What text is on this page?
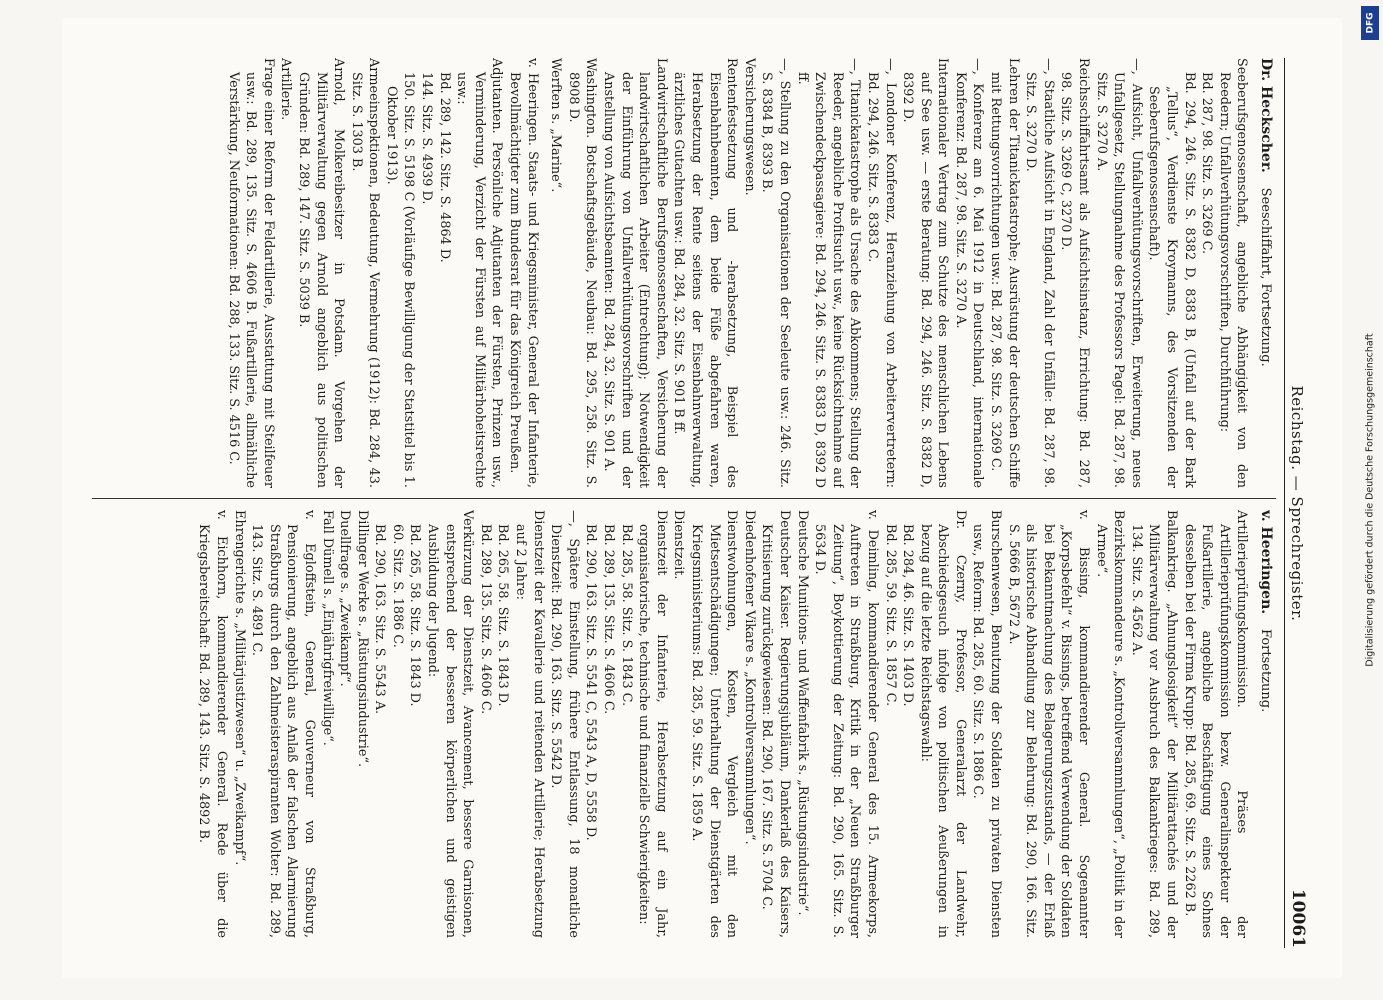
Reichstag. — Sprechregister.
10061
Dr. Heckscher. Seeschiffahrt, Fortsetzung.

Seeberufsgenossenschaft, angebliche Abhängigkeit von den Reedern; Unfallverhütungsvorschriften, Durchführung:

Bd. 287, 98. Sitz. S. 3269 C.

Bd. 294, 246. Sitz. S. 8382 D, 8383 B, (Unfall auf der Bark „Tellus“, Verdienste Kroymanns, des Vorsitzenden der Seeberufsgenossenschaft).

—, Aufsicht, Unfallverhütungsvorschriften, Erweiterung, neues Unfallgesetz, Stellungnahme des Professors Pagel: Bd. 287, 98. Sitz. S. 3270 A.

Reichsschiffahrtsamt als Aufsichtsinstanz, Errichtung: Bd. 287, 98. Sitz. S. 3269 C, 3270 D.

—, Staatliche Aufsicht in England, Zahl der Unfälle: Bd. 287, 98. Sitz. S. 3270 D.

Lehren der Titanickatastrophe; Ausrüstung der deutschen Schiffe mit Rettungsvorrichtungen usw.: Bd. 287, 98. Sitz. S. 3269 C.

—, Konferenz am 6. Mai 1912 in Deutschland, internationale Konferenz: Bd. 287, 98. Sitz. S. 3270 A.

Internationaler Vertrag zum Schutze des menschlichen Lebens auf See usw. — erste Beratung: Bd. 294, 246. Sitz. S. 8382 D, 8392 D.

—, Londoner Konferenz, Heranziehung von Arbeitervertretern: Bd. 294, 246. Sitz. S. 8383 C.

—, Titanickatastrophe als Ursache des Abkommens; Stellung der Reeder, angebliche Profitsucht usw., keine Rücksichtnahme auf Zwischendeckpassagiere: Bd. 294, 246. Sitz. S. 8383 D, 8392 D ff.

—, Stellung zu den Organisationen der Seeleute usw.: 246. Sitz. S. 8384 B, 8393 B.

Versicherungswesen.

Rentenfestsetzung und -herabsetzung, Beispiel des Eisenbahnbeamten, dem beide Füße abgefahren waren, Herabsetzung der Rente seitens der Eisenbahnverwaltung, ärztliches Gutachten usw.: Bd. 284, 32. Sitz. S. 901 B ff.

Landwirtschaftliche Berufsgenossenschaften, Versicherung der landwirtschaftlichen Arbeiter (Entrechtung); Notwendigkeit der Einführung von Unfallverhütungsvorschriften und der Anstellung von Aufsichtsbeamten: Bd. 284, 32. Sitz. S. 901 A.

Washington. Botschaftsgebäude, Neubau: Bd. 295, 258. Sitz. S. 8908 D.

Werften s. „Marine“.

v. Heeringen. Staats- und Kriegsminister, General der Infanterie, Bevollmächtigter zum Bundesrat für das Königreich Preußen.

Adjutanten. Persönliche Adjutanten der Fürsten, Prinzen usw., Verminderung, Verzicht der Fürsten auf Militärhoheitsrechte usw.:

Bd. 289, 142. Sitz. S. 4864 D.

144. Sitz. S. 4939 D.

150. Sitz. S. 5198 C (Vorläufige Bewilligung der Statstitel bis 1. Oktober 1913).

Armeeinspektionen, Bedeutung, Vermehrung (1912): Bd. 284, 43. Sitz. S. 1303 B.

Arnold, Molkereibesitzer in Potsdam. Vorgehen der Militärverwaltung gegen Arnold angeblich aus politischen Gründen: Bd. 289, 147. Sitz. S. 5039 B.

Artillerie.

Frage einer Reform der Feldartillerie, Ausstattung mit Steilfeuer usw.: Bd. 289, 135. Sitz. S. 4606 B. Fußartillerie, allmähliche Verstärkung, Neuformationen: Bd. 288, 133. Sitz. S. 4516 C.

v. Heeringen. Fortsetzung.

Artillerieprüfungskommission. Präses der Artillerieprüfungskommission bezw. Generalinspekteur der Fußartillerie, angebliche Beschäftigung eines Sohnes desselben bei der Firma Krupp: Bd. 285, 69. Sitz. S. 2262 B.

Balkankrieg. „Ahnungslosigkeit“ der Militärattachés und der Militärverwaltung vor Ausbruch des Balkankrieges: Bd. 289, 134. Sitz. S. 4562 A.

Bezirkskommandeure s. „Kontrollversammlungen“, „Politik in der Armee“.

v. Bissing, kommandierender General. Sogenannter „Korpsbefehl“ v. Bissings, betreffend Verwendung der Soldaten bei Bekanntmachung des Belagerungszustands, — der Erlaß als historische Abhandlung zur Belehrung: Bd. 290, 166. Sitz. S. 5666 B, 5672 A.

Burschenwesen, Benutzung der Soldaten zu privaten Diensten usw., Reform: Bd. 285, 60. Sitz. S. 1886 C.

Dr. Czerny, Professor, Generalarzt der Landwehr, Abschiedsgesuch infolge von politischen Aeußerungen in bezug auf die letzte Reichstagswahl:

Bd. 284, 46. Sitz. S. 1403 D.

Bd. 285, 59. Sitz. S. 1857 C.

v. Deimling, kommandierender General des 15. Armeekorps, Auftreten in Straßburg, Kritik in der „Neuen Straßburger Zeitung“, Boykottierung der Zeitung: Bd. 290, 165. Sitz. S. 5634 D.

Deutsche Munitions- und Waffenfabrik s. „Rüstungsindustrie“.

Deutscher Kaiser. Regierungsjubiläum, Dankerlaß des Kaisers, Kritisierung zurückgewiesen: Bd. 290, 167. Sitz. S. 5704 C.

Diedenhofener Vikare s. „Kontrollversammlungen“.

Dienstwohnungen, Kosten, Vergleich mit den Mietsentschädigungen; Unterhaltung der Dienstgärten des Kriegsministeriums: Bd. 285, 59. Sitz. S. 1859 A.

Dienstzeit.

Dienstzeit der Infanterie, Herabsetzung auf ein Jahr, organisatorische, technische und finanzielle Schwierigkeiten:

Bd. 285, 58. Sitz. S. 1843 C.

Bd. 289, 135. Sitz. S. 4606 C.

Bd. 290, 163. Sitz. S. 5541 C, 5543 A, D, 5558 D.

—, Spätere Einstellung, frühere Entlassung, 18 monatliche Dienstzeit: Bd. 290, 163. Sitz. S. 5542 D.

Dienstzeit der Kavallerie und reitenden Artillerie; Herabsetzung auf 2 Jahre:

Bd. 265, 58. Sitz. S. 1843 D.

Bd. 289, 135. Sitz. S. 4606 C.

Verkürzung der Dienstzeit, Avancement, bessere Garnisonen, entsprechend der besseren körperlichen und geistigen Ausbildung der Jugend:

Bd. 265, 58. Sitz. S. 1843 D.

60. Sitz. S. 1886 C.

Bd. 290, 163. Sitz. S. 5543 A.

Dillinger Werke s. „Rüstungsindustrie“.

Duellfrage s. „Zweikampf“.

Fall Dümell s. „Einjährigfreiwillige“.

v. Egloffstein, General, Gouverneur von Straßburg, Pensionierung, angeblich aus Anlaß der falschen Alarmierung Straßburgs durch den Zahlmeisteraspiranten Wolter: Bd. 289, 143. Sitz. S. 4891 C.

Ehrengerichte s. „Militärjustizwesen“ u. „Zweikampf“.

v. Eichhorn, kommandierender General. Rede über die Kriegsbereitschaft: Bd. 289, 143. Sitz. S. 4892 B.

DFG
Digitalisierung gefördert durch die Deutsche Forschungsgemeinschaft
